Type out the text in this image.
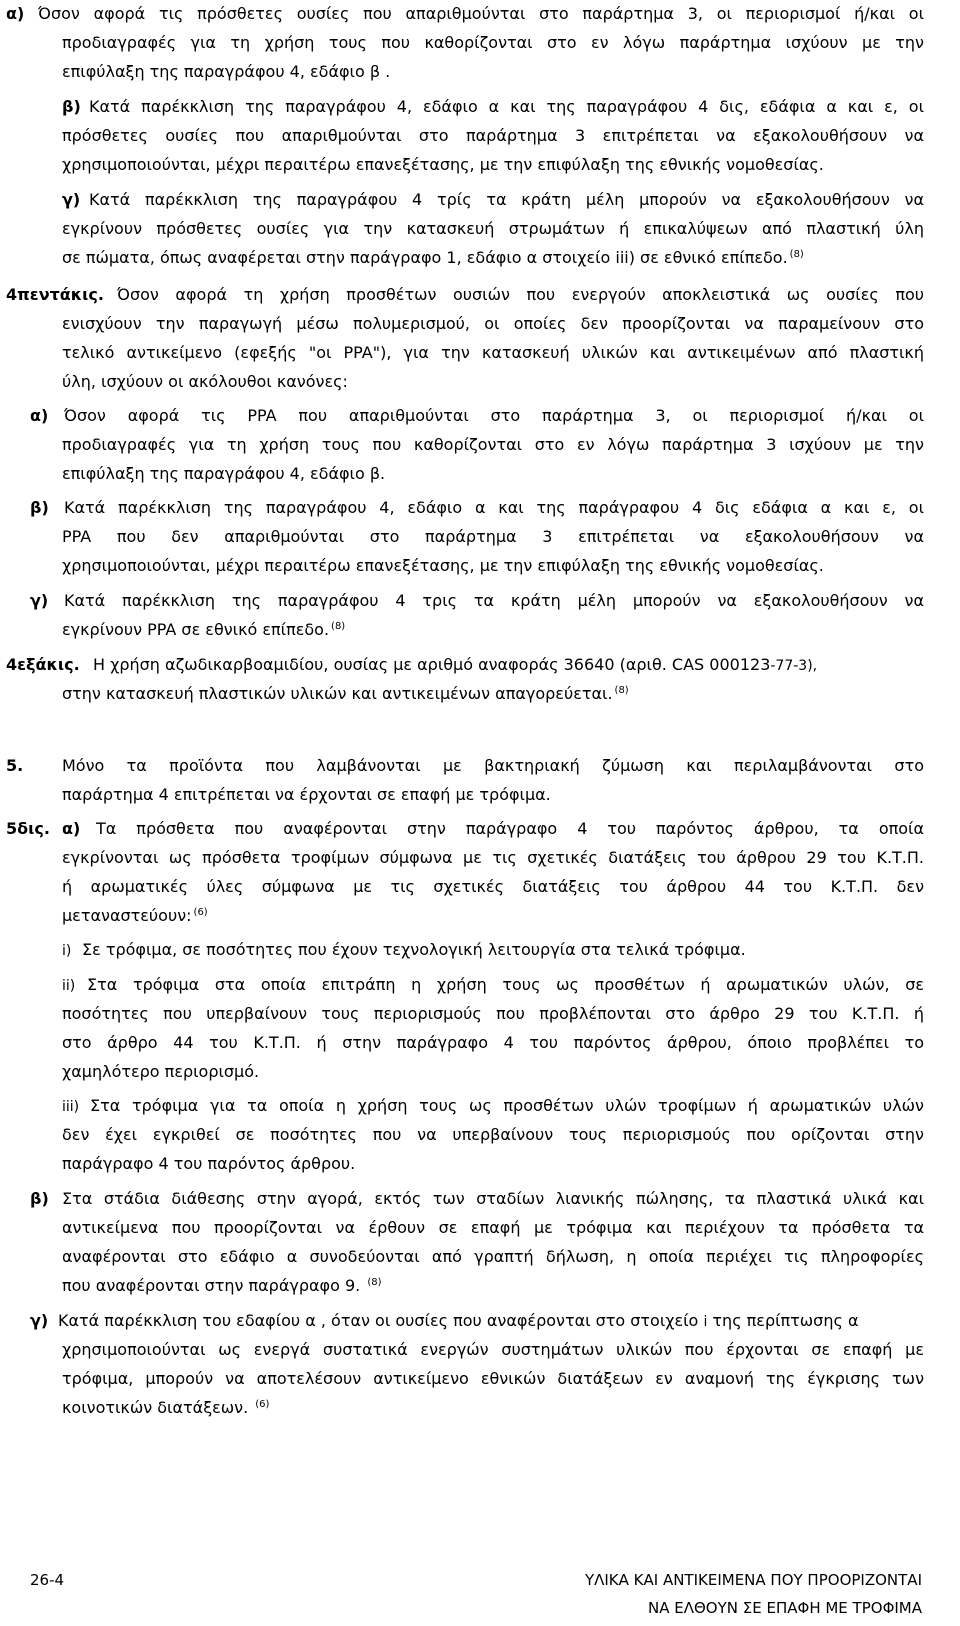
α) Όσον αφορά τις πρόσθετες ουσίες που απαριθμούνται στο παράρτημα 3, οι περιορισμοί ή/και οι
προδιαγραφές για τη χρήση τους που καθορίζονται στο εν λόγω παράρτημα ισχύουν με την
επιφύλαξη της παραγράφου 4, εδάφιο β .
β) Κατά παρέκκλιση της παραγράφου 4, εδάφιο α και της παραγράφου 4 δις, εδάφια α και ε, οι
πρόσθετες ουσίες που απαριθμούνται στο παράρτημα 3 επιτρέπεται να εξακολουθήσουν να
χρησιμοποιούνται, μέχρι περαιτέρω επανεξέτασης, με την επιφύλαξη της εθνικής νομοθεσίας.
γ) Κατά παρέκκλιση της παραγράφου 4 τρίς τα κράτη μέλη μπορούν να εξακολουθήσουν να
εγκρίνουν πρόσθετες ουσίες για την κατασκευή στρωμάτων ή επικαλύψεων από πλαστική ύλη
σε πώματα, όπως αναφέρεται στην παράγραφο 1, εδάφιο α στοιχείο iii) σε εθνικό επίπεδο. $^{(8)}$
4πεντάκις. Όσον αφορά τη χρήση προσθέτων ουσιών που ενεργούν αποκλειστικά ως ουσίες που
ενισχύουν την παραγωγή μέσω πολυμερισμού, οι οποίες δεν προορίζονται να παραμείνουν στο
τελικό αντικείμενο (εφεξής "οι PPA"), για την κατασκευή υλικών και αντικειμένων από πλαστική
ύλη, ισχύουν οι ακόλουθοι κανόνες:
α) Όσον αφορά τις PPA που απαριθμούνται στο παράρτημα 3, οι περιορισμοί ή/και οι
προδιαγραφές για τη χρήση τους που καθορίζονται στο εν λόγω παράρτημα 3 ισχύουν με την
επιφύλαξη της παραγράφου 4, εδάφιο β.
β) Κατά παρέκκλιση της παραγράφου 4, εδάφιο α και της παράγραφου 4 δις εδάφια α και ε, οι
PPA που δεν απαριθμούνται στο παράρτημα 3 επιτρέπεται να εξακολουθήσουν να
χρησιμοποιούνται, μέχρι περαιτέρω επανεξέτασης, με την επιφύλαξη της εθνικής νομοθεσίας.
γ) Κατά παρέκκλιση της παραγράφου 4 τρις τα κράτη μέλη μπορούν να εξακολουθήσουν να
εγκρίνουν PPA σε εθνικό επίπεδο. $^{(8)}$
4εξάκις. Η χρήση αζωδικαρβοαμιδίου, ουσίας με αριθμό αναφοράς 36640 (αριθ. CAS 000123-77-3),
στην κατασκευή πλαστικών υλικών και αντικειμένων απαγορεύεται. $^{(8)}$
5. Μόνο τα προϊόντα που λαμβάνονται με βακτηριακή ζύμωση και περιλαμβάνονται στο
παράρτημα 4 επιτρέπεται να έρχονται σε επαφή με τρόφιμα.
5δις. α) Τα πρόσθετα που αναφέρονται στην παράγραφο 4 του παρόντος άρθρου, τα οποία
εγκρίνονται ως πρόσθετα τροφίμων σύμφωνα με τις σχετικές διατάξεις του άρθρου 29 του Κ.Τ.Π.
ή αρωματικές ύλες σύμφωνα με τις σχετικές διατάξεις του άρθρου 44 του Κ.Τ.Π. δεν
μεταναστεύουν: $^{(6)}$
i) Σε τρόφιμα, σε ποσότητες που έχουν τεχνολογική λειτουργία στα τελικά τρόφιμα.
ii) Στα τρόφιμα στα οποία επιτράπη η χρήση τους ως προσθέτων ή αρωματικών υλών, σε
ποσότητες που υπερβαίνουν τους περιορισμούς που προβλέπονται στο άρθρο 29 του Κ.Τ.Π. ή
στο άρθρο 44 του Κ.Τ.Π. ή στην παράγραφο 4 του παρόντος άρθρου, όποιο προβλέπει το
χαμηλότερο περιορισμό.
iii) Στα τρόφιμα για τα οποία η χρήση τους ως προσθέτων υλών τροφίμων ή αρωματικών υλών
δεν έχει εγκριθεί σε ποσότητες που να υπερβαίνουν τους περιορισμούς που ορίζονται στην
παράγραφο 4 του παρόντος άρθρου.
β) Στα στάδια διάθεσης στην αγορά, εκτός των σταδίων λιανικής πώλησης, τα πλαστικά υλικά και
αντικείμενα που προορίζονται να έρθουν σε επαφή με τρόφιμα και περιέχουν τα πρόσθετα τα
αναφέρονται στο εδάφιο α συνοδεύονται από γραπτή δήλωση, η οποία περιέχει τις πληροφορίες
που αναφέρονται στην παράγραφο 9. $^{(8)}$
γ) Κατά παρέκκλιση του εδαφίου α , όταν οι ουσίες που αναφέρονται στο στοιχείο i της περίπτωσης α
χρησιμοποιούνται ως ενεργά συστατικά ενεργών συστημάτων υλικών που έρχονται σε επαφή με
τρόφιμα, μπορούν να αποτελέσουν αντικείμενο εθνικών διατάξεων εν αναμονή της έγκρισης των
κοινοτικών διατάξεων. $^{(6)}$
26-4	ΥΛΙΚΑ ΚΑΙ ΑΝΤΙΚΕΙΜΕΝΑ ΠΟΥ ΠΡΟΟΡΙΖΟΝΤΑΙ
ΝΑ ΕΛΘΟΥΝ ΣΕ ΕΠΑΦΗ ΜΕ ΤΡΟΦΙΜΑ
